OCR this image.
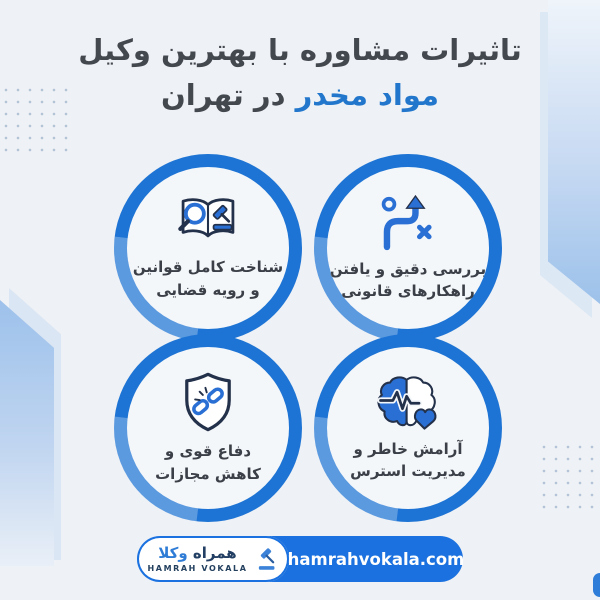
تاثیرات مشاوره با بهترین وکیل
مواد مخدر در تهران
شناخت کامل قوانین
و رویه قضایی
بررسی دقیق و یافتن
راهکارهای قانونی
دفاع قوی و
کاهش مجازات
آرامش خاطر و
مدیریت استرس
همراه وکلا
HAMRAH VOKALA hamrahvokala.com
